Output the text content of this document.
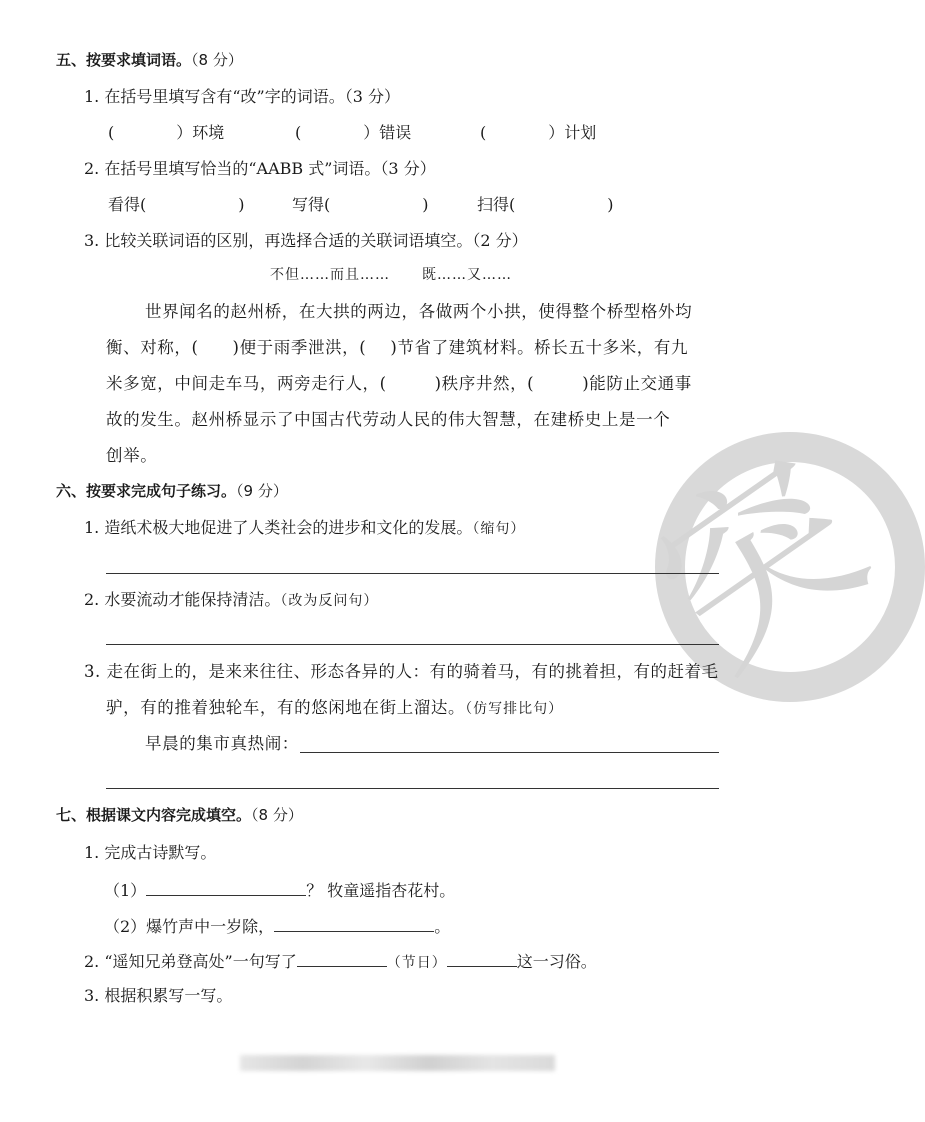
突
五、按要求填词语。（8 分）
1. 在括号里填写含有“改”字的词语。（3 分）
(	）环境	(	）错误	(	）计划
2. 在括号里填写恰当的“AABB 式”词语。（3 分）
看得(	)	写得(	)	扫得(	)
3. 比较关联词语的区别，再选择合适的关联词语填空。（2 分）
不但……而且…… 既……又……
世界闻名的赵州桥，在大拱的两边，各做两个小拱，使得整个桥型格外均
衡、对称，( )便于雨季泄洪，( )节省了建筑材料。桥长五十多米，有九
米多宽，中间走车马，两旁走行人，(	)秩序井然，(	)能防止交通事
故的发生。赵州桥显示了中国古代劳动人民的伟大智慧，在建桥史上是一个
创举。
六、按要求完成句子练习。（9 分）
1. 造纸术极大地促进了人类社会的进步和文化的发展。（缩句）
2. 水要流动才能保持清洁。（改为反问句）
3. 走在街上的，是来来往往、形态各异的人：有的骑着马，有的挑着担，有的赶着毛
驴，有的推着独轮车，有的悠闲地在街上溜达。（仿写排比句）
早晨的集市真热闹：
七、根据课文内容完成填空。（8 分）
1. 完成古诗默写。
（1）	？ 牧童遥指杏花村。
（2）爆竹声中一岁除，	。
2. “遥知兄弟登高处”一句写了	（节日）	这一习俗。
3. 根据积累写一写。
